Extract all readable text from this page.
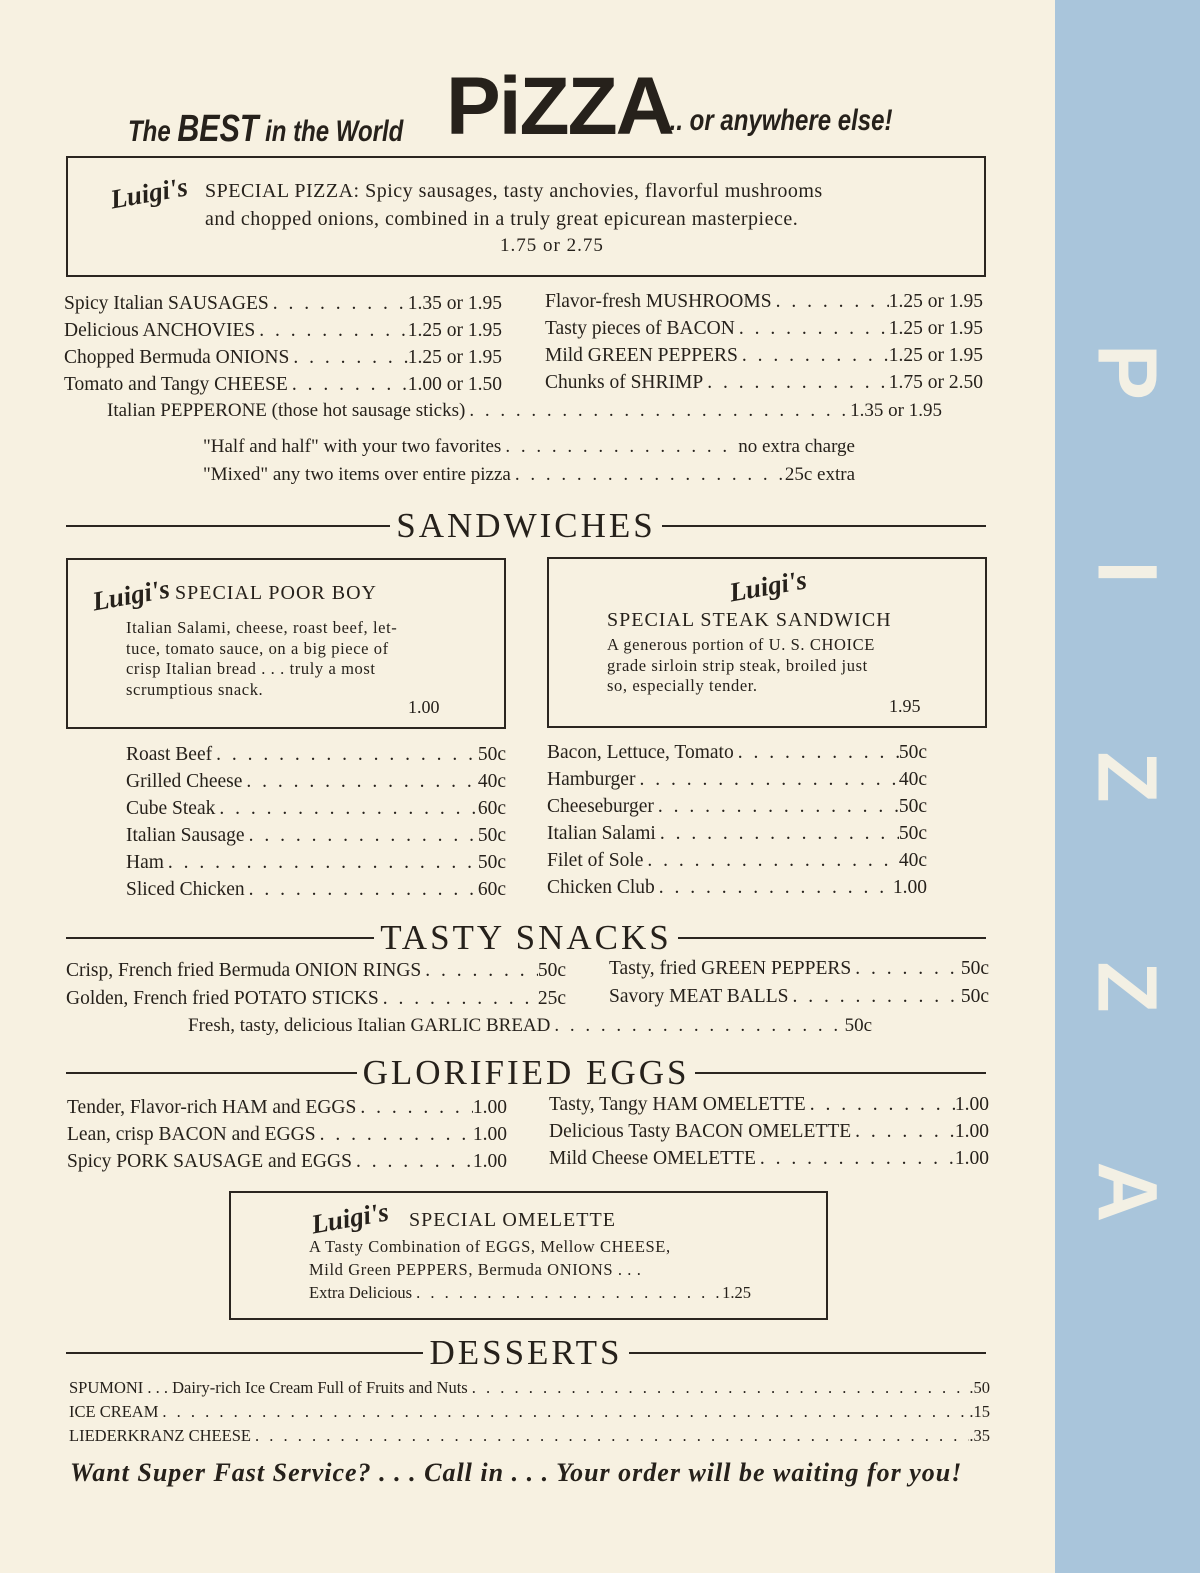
The BEST in the World PiZZA
... or anywhere else!
Luigi's SPECIAL PIZZA: Spicy sausages, tasty anchovies, flavorful mushrooms
and chopped onions, combined in a truly great epicurean masterpiece.
1.75 or 2.75
Spicy Italian SAUSAGES . . .	1.35 or 1.95
Delicious ANCHOVIES . . .	1.25 or 1.95
Chopped Bermuda ONIONS . . .	1.25 or 1.95
Tomato and Tangy CHEESE . . .	1.00 or 1.50
Flavor-fresh MUSHROOMS . . .	1.25 or 1.95
Tasty pieces of BACON . . .	1.25 or 1.95
Mild GREEN PEPPERS . . .	1.25 or 1.95
Chunks of SHRIMP . . .	1.75 or 2.50
Italian PEPPERONE (those hot sausage sticks) . . .	1.35 or 1.95
"Half and half" with your two favorites . . .	no extra charge
"Mixed" any two items over entire pizza . . .	25c extra
SANDWICHES
Luigi's SPECIAL POOR BOY
Italian Salami, cheese, roast beef, let-
tuce, tomato sauce, on a big piece of
crisp Italian bread . . . truly a most
scrumptious snack.
1.00
Luigi's
SPECIAL STEAK SANDWICH
A generous portion of U. S. CHOICE
grade sirloin strip steak, broiled just
so, especially tender.
1.95
Roast Beef . . .	50c
Grilled Cheese . . .	40c
Cube Steak . . .	60c
Italian Sausage . . .	50c
Ham . . .	50c
Sliced Chicken . . .	60c
Bacon, Lettuce, Tomato . . .	50c
Hamburger . . .	40c
Cheeseburger . . .	50c
Italian Salami . . .	50c
Filet of Sole . . .	40c
Chicken Club . . .	1.00
TASTY SNACKS
Crisp, French fried Bermuda ONION RINGS . . .	50c
Golden, French fried POTATO STICKS . . .	25c
Tasty, fried GREEN PEPPERS . . .	50c
Savory MEAT BALLS . . .	50c
Fresh, tasty, delicious Italian GARLIC BREAD . . .	50c
GLORIFIED EGGS
Tender, Flavor-rich HAM and EGGS . . .	1.00
Lean, crisp BACON and EGGS . . .	1.00
Spicy PORK SAUSAGE and EGGS . . .	1.00
Tasty, Tangy HAM OMELETTE . . .	1.00
Delicious Tasty BACON OMELETTE . . .	1.00
Mild Cheese OMELETTE . . .	1.00
Luigi's SPECIAL OMELETTE
A Tasty Combination of EGGS, Mellow CHEESE,
Mild Green PEPPERS, Bermuda ONIONS . . .
Extra Delicious . . .	1.25
DESSERTS
SPUMONI . . . Dairy-rich Ice Cream Full of Fruits and Nuts . . .	.50
ICE CREAM . . .	.15
LIEDERKRANZ CHEESE . . .	.35
Want Super Fast Service? . . . Call in . . . Your order will be waiting for you!
P
I
Z
Z
A
